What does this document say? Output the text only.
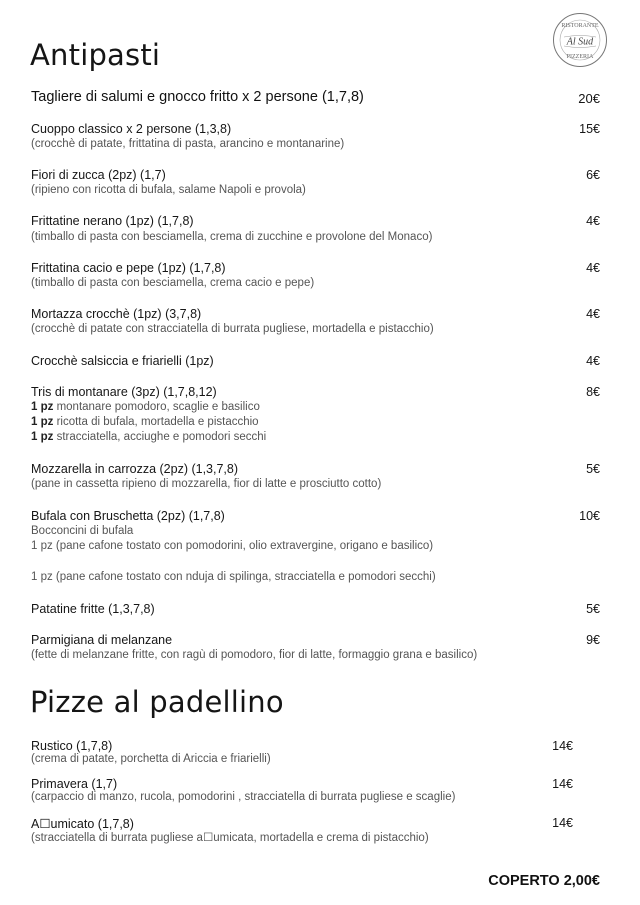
RISTORANTE
Al Sud
PIZZERIA
Antipasti
Tagliere di salumi e gnocco fritto x 2 persone (1,7,8)	20€
Cuoppo classico x 2 persone (1,3,8)	15€
(crocchè di patate, frittatina di pasta, arancino e montanarine)
Fiori di zucca (2pz) (1,7)	6€
(ripieno con ricotta di bufala, salame Napoli e provola)
Frittatine nerano (1pz) (1,7,8)	4€
(timballo di pasta con besciamella, crema di zucchine e provolone del Monaco)
Frittatina cacio e pepe (1pz) (1,7,8)	4€
(timballo di pasta con besciamella, crema cacio e pepe)
Mortazza crocchè (1pz) (3,7,8)	4€
(crocchè di patate con stracciatella di burrata pugliese, mortadella e pistacchio)
Crocchè salsiccia e friarielli (1pz)	4€
Tris di montanare (3pz) (1,7,8,12)	8€
1 pz montanare pomodoro, scaglie e basilico
1 pz ricotta di bufala, mortadella e pistacchio
1 pz stracciatella, acciughe e pomodori secchi
Mozzarella in carrozza (2pz) (1,3,7,8)	5€
(pane in cassetta ripieno di mozzarella, fior di latte e prosciutto cotto)
Bufala con Bruschetta (2pz) (1,7,8)	10€
Bocconcini di bufala
1 pz (pane cafone tostato con pomodorini, olio extravergine, origano e basilico)
1 pz (pane cafone tostato con nduja di spilinga, stracciatella e pomodori secchi)
Patatine fritte (1,3,7,8)	5€
Parmigiana di melanzane	9€
(fette di melanzane fritte, con ragù di pomodoro, fior di latte, formaggio grana e basilico)
Pizze al padellino
Rustico (1,7,8)	14€
(crema di patate, porchetta di Ariccia e friarielli)
Primavera (1,7)	14€
(carpaccio di manzo, rucola, pomodorini , stracciatella di burrata pugliese e scaglie)
A☐umicato (1,7,8)	14€
(stracciatella di burrata pugliese a☐umicata, mortadella e crema di pistacchio)
COPERTO 2,00€
